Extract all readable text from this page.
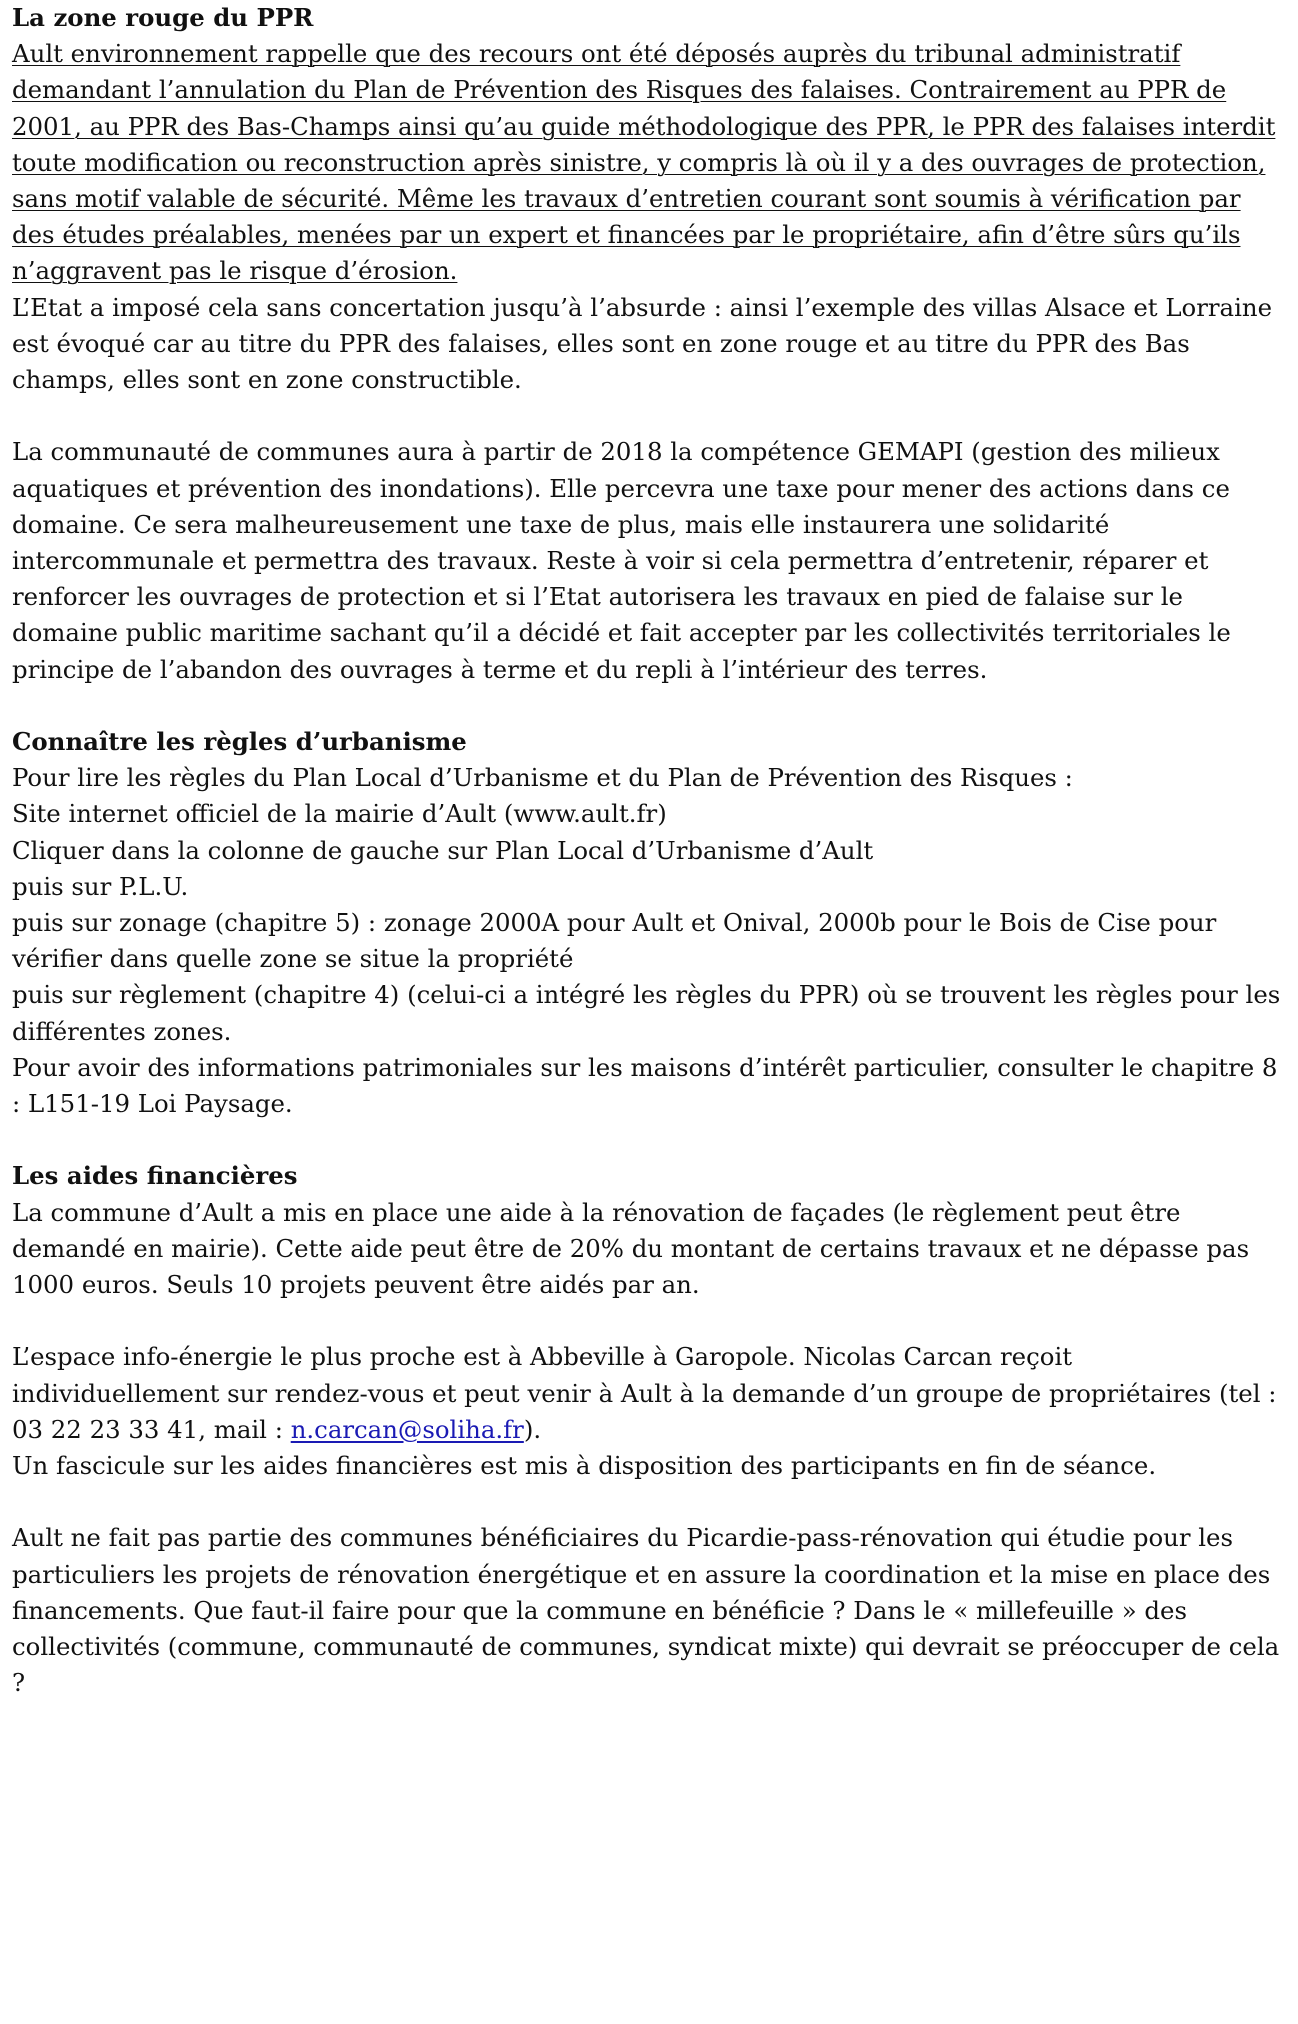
La zone rouge du PPR

Ault environnement rappelle que des recours ont été déposés auprès du tribunal administratif demandant l’annulation du Plan de Prévention des Risques des falaises. Contrairement au PPR de 2001, au PPR des Bas-Champs ainsi qu’au guide méthodologique des PPR, le PPR des falaises interdit toute modification ou reconstruction après sinistre, y compris là où il y a des ouvrages de protection, sans motif valable de sécurité. Même les travaux d’entretien courant sont soumis à vérification par des études préalables, menées par un expert et financées par le propriétaire, afin d’être sûrs qu’ils n’aggravent pas le risque d’érosion.

L’Etat a imposé cela sans concertation jusqu’à l’absurde : ainsi l’exemple des villas Alsace et Lorraine est évoqué car au titre du PPR des falaises, elles sont en zone rouge et au titre du PPR des Bas champs, elles sont en zone constructible.

La communauté de communes aura à partir de 2018 la compétence GEMAPI (gestion des milieux aquatiques et prévention des inondations). Elle percevra une taxe pour mener des actions dans ce domaine. Ce sera malheureusement une taxe de plus, mais elle instaurera une solidarité intercommunale et permettra des travaux. Reste à voir si cela permettra d’entretenir, réparer et renforcer les ouvrages de protection et si l’Etat autorisera les travaux en pied de falaise sur le domaine public maritime sachant qu’il a décidé et fait accepter par les collectivités territoriales le principe de l’abandon des ouvrages à terme et du repli à l’intérieur des terres.

Connaître les règles d’urbanisme

Pour lire les règles du Plan Local d’Urbanisme et du Plan de Prévention des Risques :

Site internet officiel de la mairie d’Ault (www.ault.fr)

Cliquer dans la colonne de gauche sur Plan Local d’Urbanisme d’Ault

puis sur P.L.U.

puis sur zonage (chapitre 5) : zonage 2000A pour Ault et Onival, 2000b pour le Bois de Cise pour vérifier dans quelle zone se situe la propriété

puis sur règlement (chapitre 4) (celui-ci a intégré les règles du PPR) où se trouvent les règles pour les différentes zones.

Pour avoir des informations patrimoniales sur les maisons d’intérêt particulier, consulter le chapitre 8 : L151-19 Loi Paysage.

Les aides financières

La commune d’Ault a mis en place une aide à la rénovation de façades (le règlement peut être demandé en mairie). Cette aide peut être de 20% du montant de certains travaux et ne dépasse pas 1000 euros. Seuls 10 projets peuvent être aidés par an.

L’espace info-énergie le plus proche est à Abbeville à Garopole. Nicolas Carcan reçoit individuellement sur rendez-vous et peut venir à Ault à la demande d’un groupe de propriétaires (tel : 03 22 23 33 41, mail : n.carcan@soliha.fr).

Un fascicule sur les aides financières est mis à disposition des participants en fin de séance.

Ault ne fait pas partie des communes bénéficiaires du Picardie-pass-rénovation qui étudie pour les particuliers les projets de rénovation énergétique et en assure la coordination et la mise en place des financements. Que faut-il faire pour que la commune en bénéficie ? Dans le « millefeuille » des collectivités (commune, communauté de communes, syndicat mixte) qui devrait se préoccuper de cela ?
